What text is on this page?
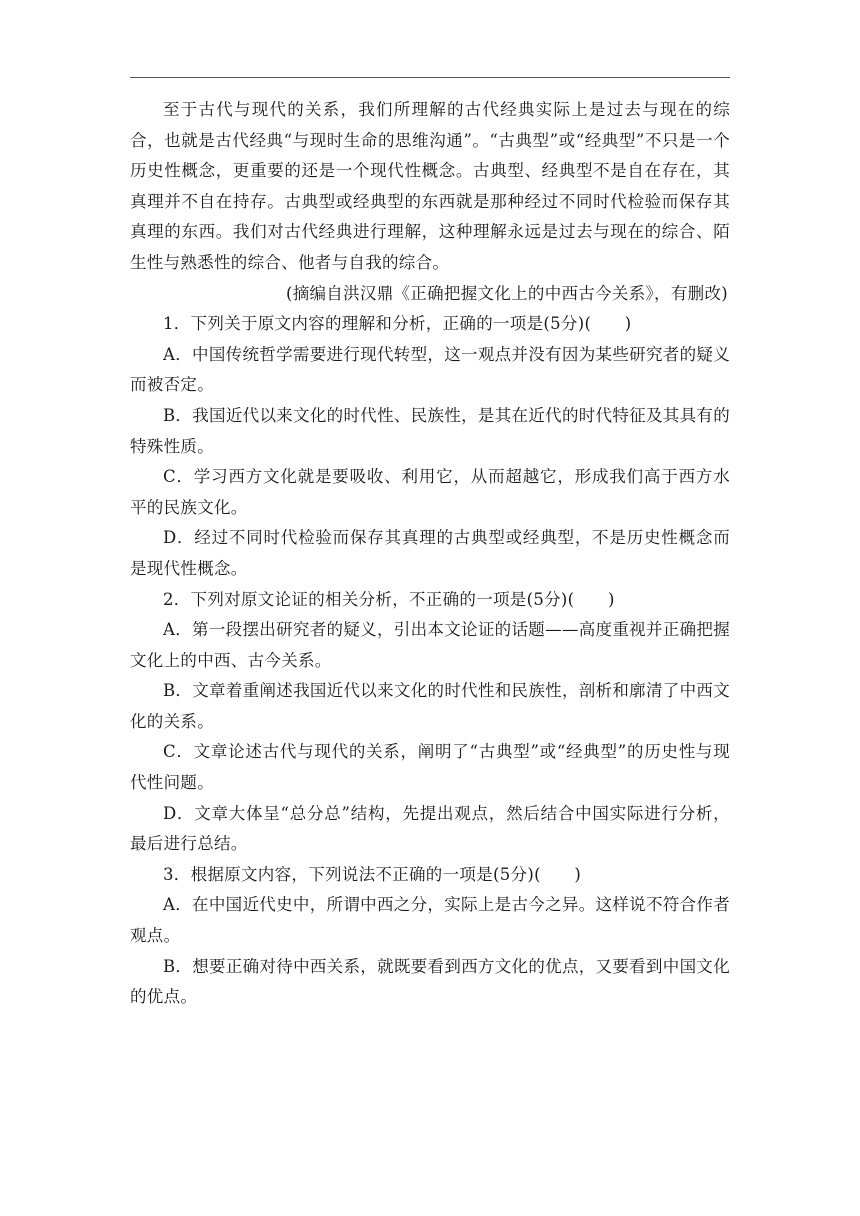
至于古代与现代的关系，我们所理解的古代经典实际上是过去与现在的综合，也就是古代经典“与现时生命的思维沟通”。“古典型”或“经典型”不只是一个历史性概念，更重要的还是一个现代性概念。古典型、经典型不是自在存在，其真理并不自在持存。古典型或经典型的东西就是那种经过不同时代检验而保存其真理的东西。我们对古代经典进行理解，这种理解永远是过去与现在的综合、陌生性与熟悉性的综合、他者与自我的综合。

(摘编自洪汉鼎《正确把握文化上的中西古今关系》，有删改)

1．下列关于原文内容的理解和分析，正确的一项是(5分)(　　)

A．中国传统哲学需要进行现代转型，这一观点并没有因为某些研究者的疑义而被否定。

B．我国近代以来文化的时代性、民族性，是其在近代的时代特征及其具有的特殊性质。

C．学习西方文化就是要吸收、利用它，从而超越它，形成我们高于西方水平的民族文化。

D．经过不同时代检验而保存其真理的古典型或经典型，不是历史性概念而是现代性概念。

2．下列对原文论证的相关分析，不正确的一项是(5分)(　　)

A．第一段摆出研究者的疑义，引出本文论证的话题——高度重视并正确把握文化上的中西、古今关系。

B．文章着重阐述我国近代以来文化的时代性和民族性，剖析和廓清了中西文化的关系。

C．文章论述古代与现代的关系，阐明了“古典型”或“经典型”的历史性与现代性问题。

D．文章大体呈“总分总”结构，先提出观点，然后结合中国实际进行分析，最后进行总结。

3．根据原文内容，下列说法不正确的一项是(5分)(　　)

A．在中国近代史中，所谓中西之分，实际上是古今之异。这样说不符合作者观点。

B．想要正确对待中西关系，就既要看到西方文化的优点，又要看到中国文化的优点。
